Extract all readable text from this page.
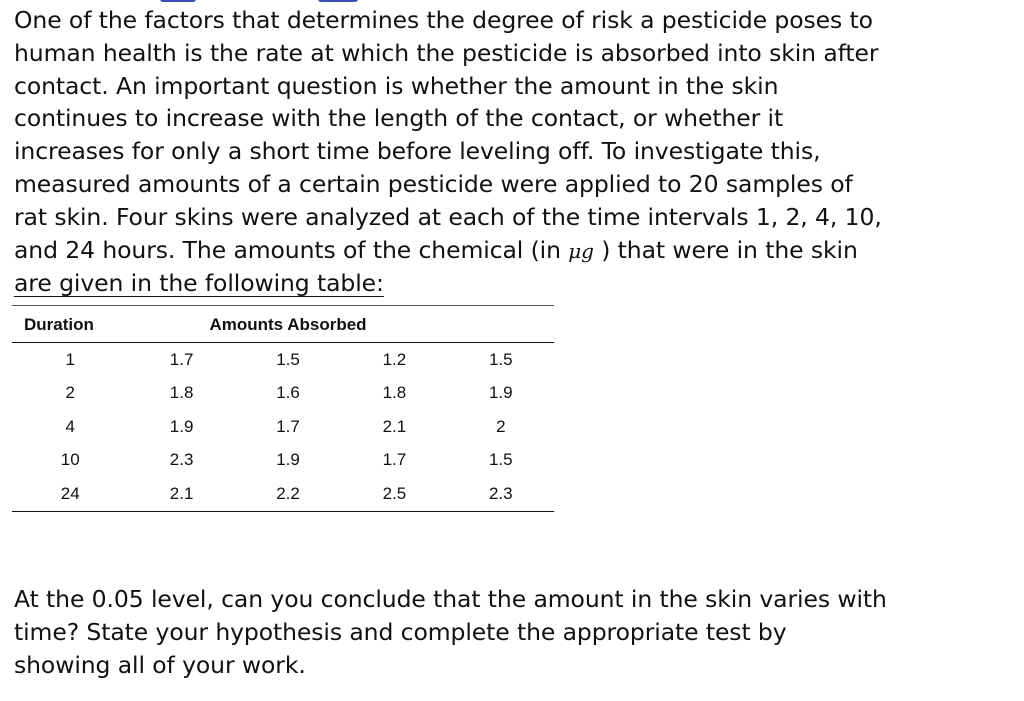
One of the factors that determines the degree of risk a pesticide poses to
human health is the rate at which the pesticide is absorbed into skin after
contact. An important question is whether the amount in the skin
continues to increase with the length of the contact, or whether it
increases for only a short time before leveling off. To investigate this,
measured amounts of a certain pesticide were applied to 20 samples of
rat skin. Four skins were analyzed at each of the time intervals 1, 2, 4, 10,
and 24 hours. The amounts of the chemical (in μg ) that were in the skin
are given in the following table:
Duration	Amounts Absorbed			
1	1.7	1.5	1.2	1.5
2	1.8	1.6	1.8	1.9
4	1.9	1.7	2.1	2
10	2.3	1.9	1.7	1.5
24	2.1	2.2	2.5	2.3
At the 0.05 level, can you conclude that the amount in the skin varies with
time? State your hypothesis and complete the appropriate test by
showing all of your work.
